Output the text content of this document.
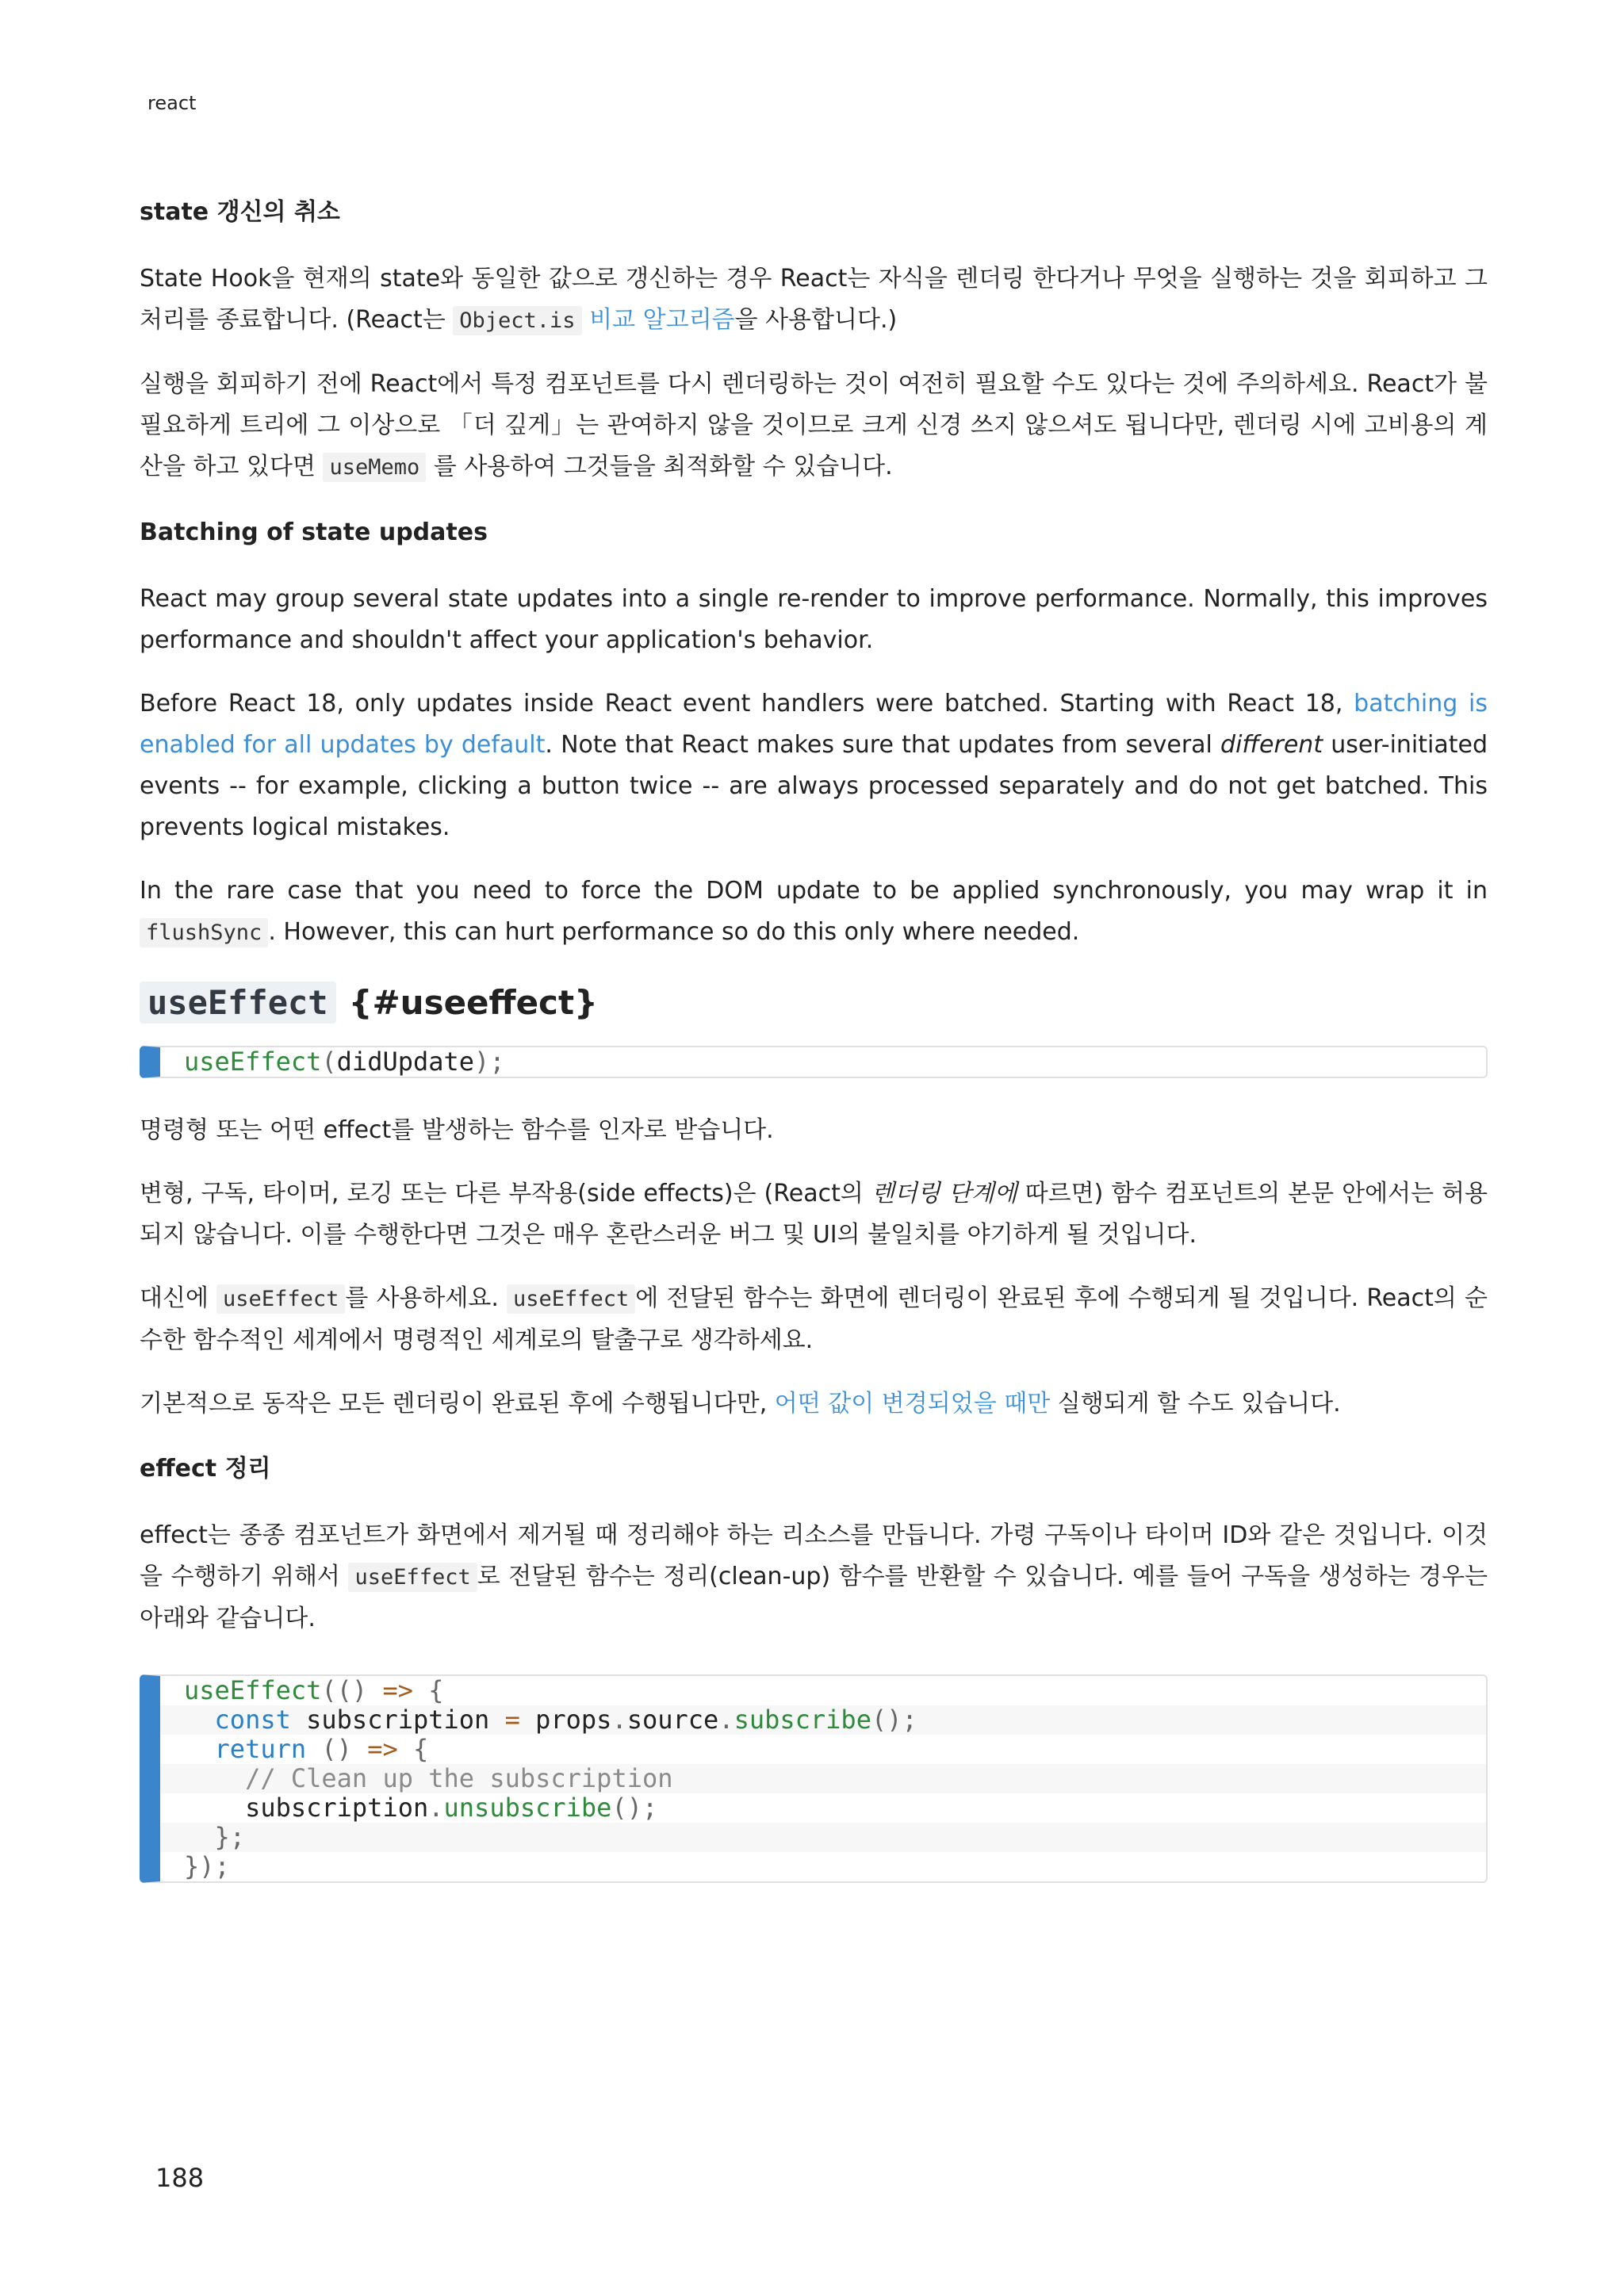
react
state 갱신의 취소

State Hook을 현재의 state와 동일한 값으로 갱신하는 경우 React는 자식을 렌더링 한다거나 무엇을 실행하는 것을 회피하고 그 처리를 종료합니다. (React는 Object.is 비교 알고리즘을 사용합니다.)

실행을 회피하기 전에 React에서 특정 컴포넌트를 다시 렌더링하는 것이 여전히 필요할 수도 있다는 것에 주의하세요. React가 불필요하게 트리에 그 이상으로 「더 깊게」는 관여하지 않을 것이므로 크게 신경 쓰지 않으셔도 됩니다만, 렌더링 시에 고비용의 계산을 하고 있다면 useMemo 를 사용하여 그것들을 최적화할 수 있습니다.

Batching of state updates

React may group several state updates into a single re-render to improve performance. Normally, this improves performance and shouldn't affect your application's behavior.

Before React 18, only updates inside React event handlers were batched. Starting with React 18, batching is enabled for all updates by default. Note that React makes sure that updates from several different user-initiated events -- for example, clicking a button twice -- are always processed separately and do not get batched. This prevents logical mistakes.

In the rare case that you need to force the DOM update to be applied synchronously, you may wrap it in flushSync . However, this can hurt performance so do this only where needed.

useEffect {#useeffect}
useEffect(didUpdate);

명령형 또는 어떤 effect를 발생하는 함수를 인자로 받습니다.

변형, 구독, 타이머, 로깅 또는 다른 부작용(side effects)은 (React의 렌더링 단계에 따르면) 함수 컴포넌트의 본문 안에서는 허용되지 않습니다. 이를 수행한다면 그것은 매우 혼란스러운 버그 및 UI의 불일치를 야기하게 될 것입니다.

대신에 useEffect 를 사용하세요. useEffect 에 전달된 함수는 화면에 렌더링이 완료된 후에 수행되게 될 것입니다. React의 순수한 함수적인 세계에서 명령적인 세계로의 탈출구로 생각하세요.

기본적으로 동작은 모든 렌더링이 완료된 후에 수행됩니다만, 어떤 값이 변경되었을 때만 실행되게 할 수도 있습니다.

effect 정리

effect는 종종 컴포넌트가 화면에서 제거될 때 정리해야 하는 리소스를 만듭니다. 가령 구독이나 타이머 ID와 같은 것입니다. 이것을 수행하기 위해서 useEffect 로 전달된 함수는 정리(clean-up) 함수를 반환할 수 있습니다. 예를 들어 구독을 생성하는 경우는 아래와 같습니다.

useEffect(() => {
const subscription = props.source.subscribe();
return () => {
// Clean up the subscription
subscription.unsubscribe();
};
});
188
